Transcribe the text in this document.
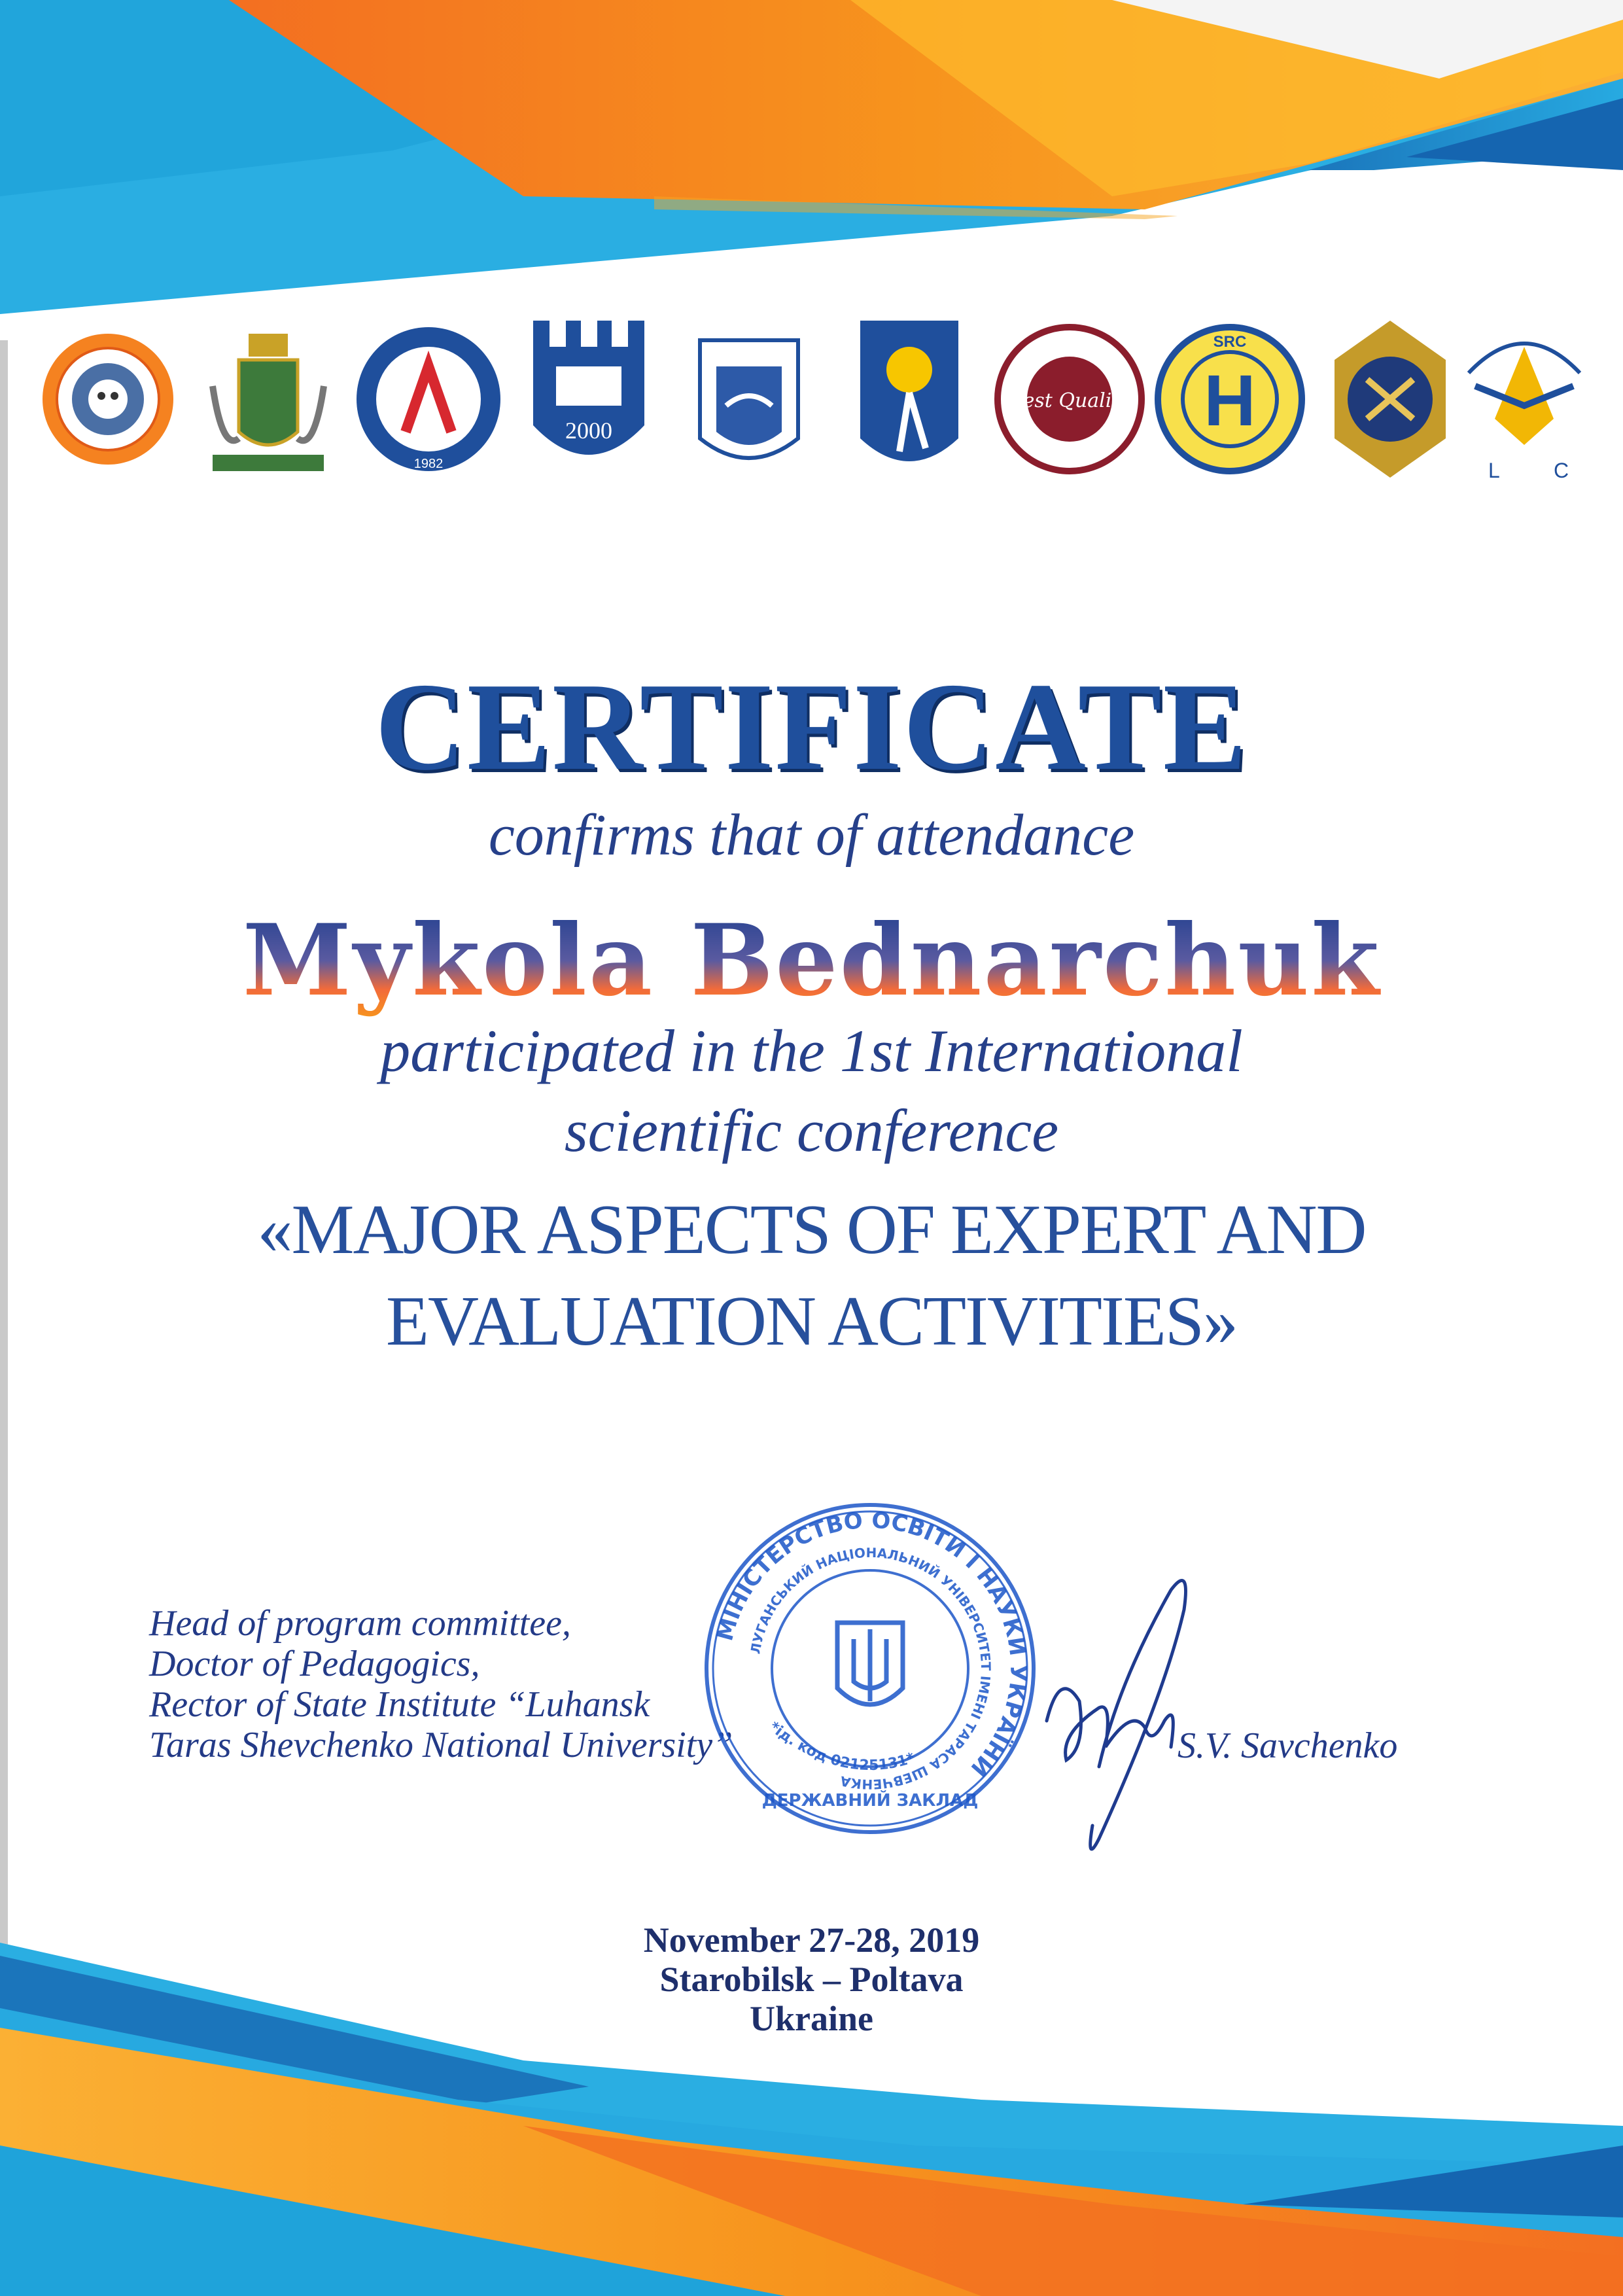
1982
2000
Best Quality H
SRC
L	C
CERTIFICATE
confirms that of attendance
Mykola Bednarchuk
participated in the 1st International
scientific conference
«MAJOR ASPECTS OF EXPERT AND
EVALUATION ACTIVITIES»
Head of program committee,
Doctor of Pedagogics,
Rector of State Institute “Luhansk
Taras Shevchenko National University”	S.V. Savchenko
МІНІСТЕРСТВО ОСВІТИ І НАУКИ УКРАЇНИ
ЛУГАНСЬКИЙ НАЦІОНАЛЬНИЙ УНІВЕРСИТЕТ ІМЕНІ ТАРАСА ШЕВЧЕНКА
*ід. код 02125131*
ДЕРЖАВНИЙ ЗАКЛАД
November 27-28, 2019
Starobilsk – Poltava
Ukraine
